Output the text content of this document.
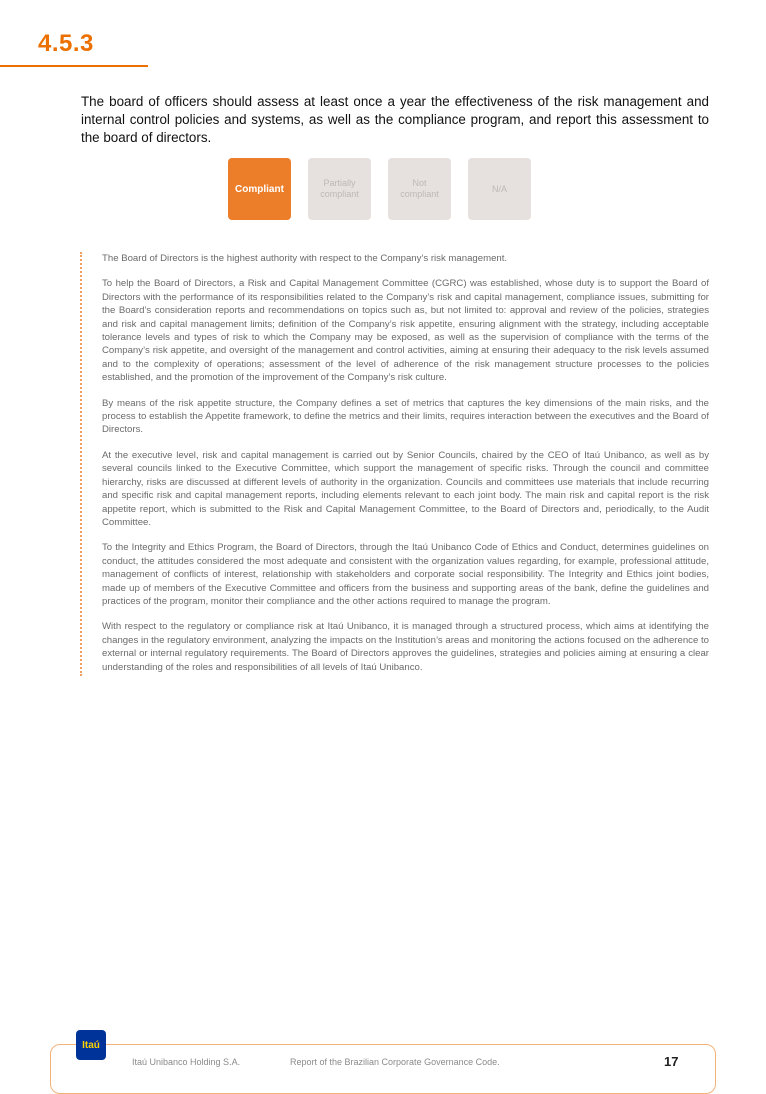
4.5.3

The board of officers should assess at least once a year the effectiveness of the risk management and internal control policies and systems, as well as the compliance program, and report this assessment to the board of directors.

Compliant
Partially compliant
Not compliant
N/A

The Board of Directors is the highest authority with respect to the Company’s risk management.

To help the Board of Directors, a Risk and Capital Management Committee (CGRC) was established, whose duty is to support the Board of Directors with the performance of its responsibilities related to the Company’s risk and capital management, compliance issues, submitting for the Board’s consideration reports and recommendations on topics such as, but not limited to: approval and review of the policies, strategies and risk and capital management limits; definition of the Company’s risk appetite, ensuring alignment with the strategy, including acceptable tolerance levels and types of risk to which the Company may be exposed, as well as the supervision of compliance with the terms of the Company’s risk appetite, and oversight of the management and control activities, aiming at ensuring their adequacy to the risk levels assumed and to the complexity of operations; assessment of the level of adherence of the risk management structure processes to the policies established, and the promotion of the improvement of the Company’s risk culture.

By means of the risk appetite structure, the Company defines a set of metrics that captures the key dimensions of the main risks, and the process to establish the Appetite framework, to define the metrics and their limits, requires interaction between the executives and the Board of Directors.

At the executive level, risk and capital management is carried out by Senior Councils, chaired by the CEO of Itaú Unibanco, as well as by several councils linked to the Executive Committee, which support the management of specific risks. Through the council and committee hierarchy, risks are discussed at different levels of authority in the organization. Councils and committees use materials that include recurring and specific risk and capital management reports, including elements relevant to each joint body. The main risk and capital report is the risk appetite report, which is submitted to the Risk and Capital Management Committee, to the Board of Directors and, periodically, to the Audit Committee.

To the Integrity and Ethics Program, the Board of Directors, through the Itaú Unibanco Code of Ethics and Conduct, determines guidelines on conduct, the attitudes considered the most adequate and consistent with the organization values regarding, for example, professional attitude, management of conflicts of interest, relationship with stakeholders and corporate social responsibility. The Integrity and Ethics joint bodies, made up of members of the Executive Committee and officers from the business and supporting areas of the bank, define the guidelines and practices of the program, monitor their compliance and the other actions required to manage the program.

With respect to the regulatory or compliance risk at Itaú Unibanco, it is managed through a structured process, which aims at identifying the changes in the regulatory environment, analyzing the impacts on the Institution’s areas and monitoring the actions focused on the adherence to external or internal regulatory requirements. The Board of Directors approves the guidelines, strategies and policies aiming at ensuring a clear understanding of the roles and responsibilities of all levels of Itaú Unibanco.

Itaú
Itaú Unibanco Holding S.A.	Report of the Brazilian Corporate Governance Code.	17
